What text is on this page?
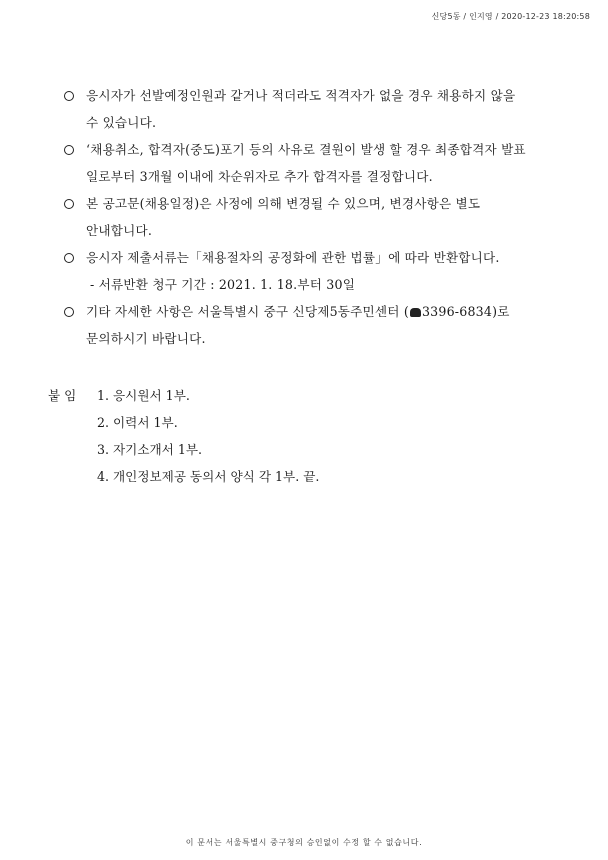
신당5동 / 인지영 / 2020-12-23 18:20:58
응시자가 선발예정인원과 같거나 적더라도 적격자가 없을 경우 채용하지 않을
수 있습니다.
‘채용취소, 합격자(중도)포기 등의 사유로 결원이 발생 할 경우 최종합격자 발표
일로부터 3개월 이내에 차순위자로 추가 합격자를 결정합니다.
본 공고문(채용일정)은 사정에 의해 변경될 수 있으며, 변경사항은 별도
안내합니다.
응시자 제출서류는「채용절차의 공정화에 관한 법률」에 따라 반환합니다.
- 서류반환 청구 기간 : 2021. 1. 18.부터 30일
기타 자세한 사항은 서울특별시 중구 신당제5동주민센터 ( 3396-6834)로
문의하시기 바랍니다.
붙 임	1. 응시원서 1부.
2. 이력서 1부.
3. 자기소개서 1부.
4. 개인정보제공 동의서 양식 각 1부. 끝.
이 문서는 서울특별시 중구청의 승인없이 수정 할 수 없습니다.
